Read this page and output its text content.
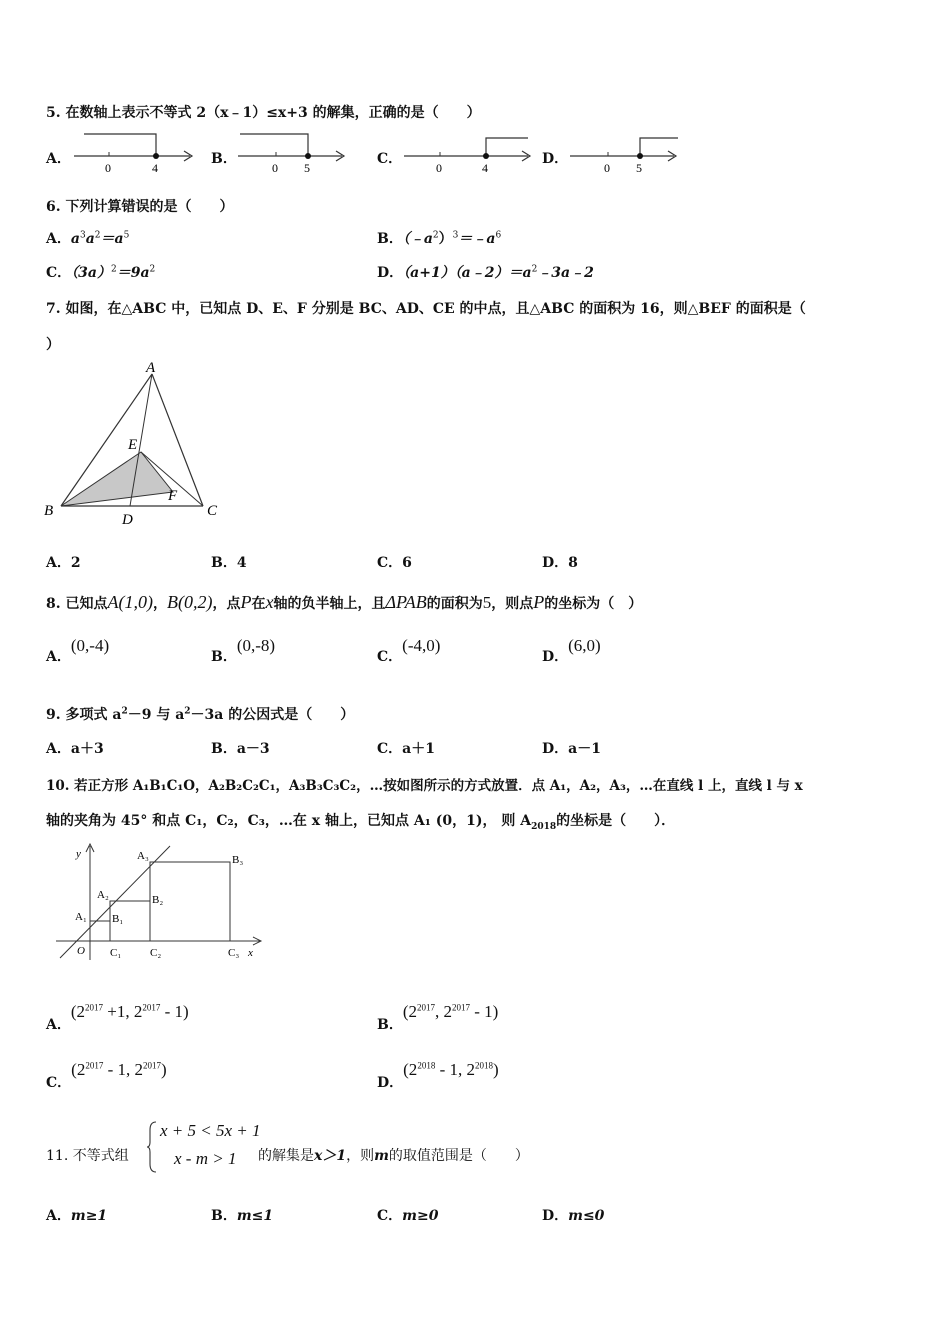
5. 在数轴上表示不等式 2（x﹣1）≤x+3 的解集，正确的是（　　）
A．
0	4
B．
0 5
C．
0	4
D．
0 5
6. 下列计算错误的是（　　）
A．$a^3a^2=a^5$	B．$(﹣a^2)^3=﹣a^6$
C．$(3a)^2=9a^2$	D．$(a+1)(a﹣2)=a^2﹣3a﹣2$
7. 如图，在△ABC 中，已知点 D、E、F 分别是 BC、AD、CE 的中点，且△ABC 的面积为 16，则△BEF 的面积是（
）
A
B	C
D
E
F
A．2	B．4	C．6	D．8
8. 已知点A(1,0)，B(0,2)，点P在x轴的负半轴上，且ΔPAB的面积为5，则点P的坐标为（　）
A．(0,-4)
B．(0,-8)
C．(-4,0)
D．(6,0)
9. 多项式 $a^2-9$ 与 $a^2-3a$ 的公因式是（　　）
A．a＋3	B．a－3	C．a＋1	D．a－1
10. 若正方形 A₁B₁C₁O，A₂B₂C₂C₁，A₃B₃C₃C₂，…按如图所示的方式放置．点 A₁，A₂，A₃，…在直线 l 上，直线 l 与 x
轴的夹角为 45° 和点 C₁，C₂，C₃，…在 x 轴上，已知点 A₁ (0，1)， 则 $A_{2018}$的坐标是（　　）．
y
x
O
A₁
A₂
A₃
B₁
B₂
B₃
C₁	C₂	C₃
A．($2^{2017} +1$, $2^{2017} - 1$)
B．($2^{2017}$, $2^{2017} - 1$)
C．($2^{2017} - 1$, $2^{2017}$)
D．($2^{2018} - 1$, $2^{2018}$)
11. 不等式组
x + 5 < 5x + 1
x - m > 1 的解集是x＞1，则m的取值范围是（　　）
A．m≥1	B．m≤1	C．m≥0	D．m≤0
